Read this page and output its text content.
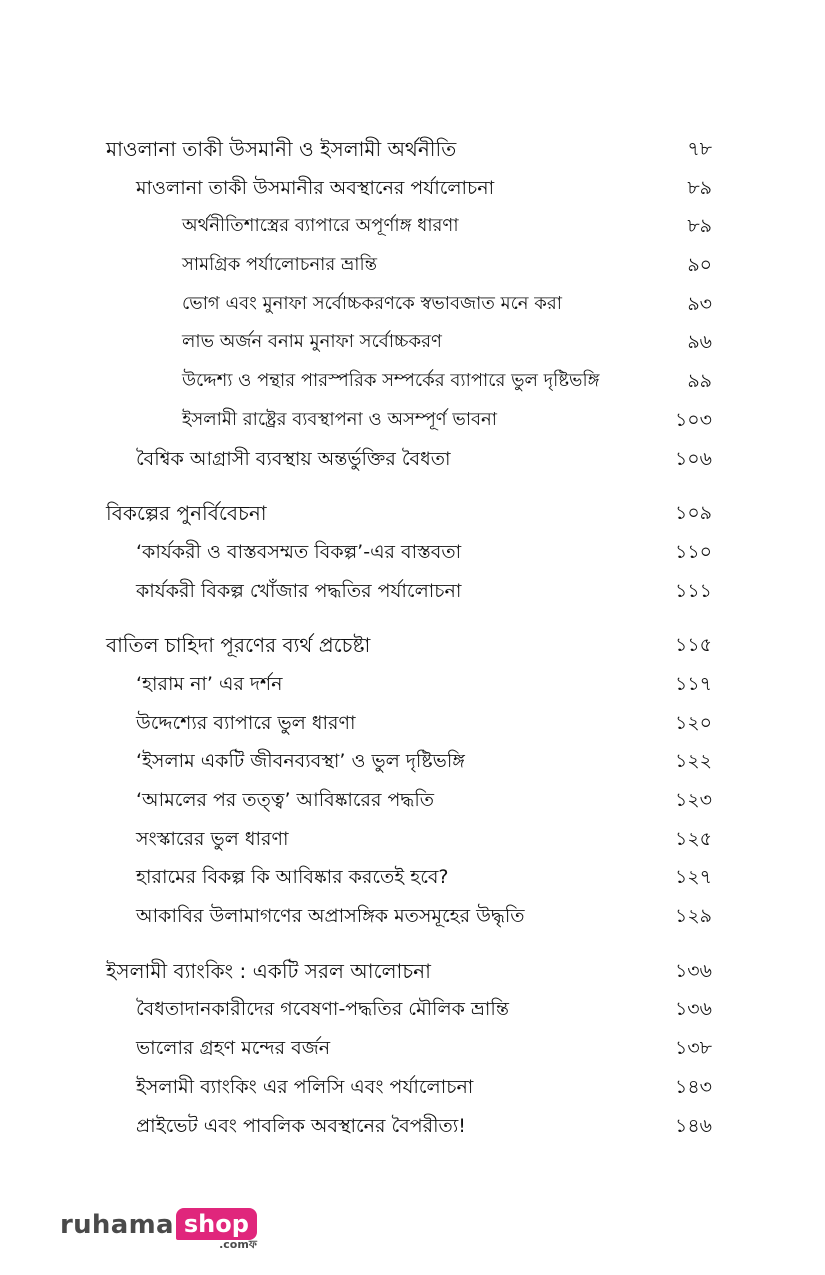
মাওলানা তাকী উসমানী ও ইসলামী অর্থনীতি	৭৮
মাওলানা তাকী উসমানীর অবস্থানের পর্যালোচনা	৮৯
অর্থনীতিশাস্ত্রের ব্যাপারে অপূর্ণাঙ্গ ধারণা	৮৯
সামগ্রিক পর্যালোচনার ভ্রান্তি	৯০
ভোগ এবং মুনাফা সর্বোচ্চকরণকে স্বভাবজাত মনে করা	৯৩
লাভ অর্জন বনাম মুনাফা সর্বোচ্চকরণ	৯৬
উদ্দেশ্য ও পন্থার পারস্পরিক সম্পর্কের ব্যাপারে ভুল দৃষ্টিভঙ্গি	৯৯
ইসলামী রাষ্ট্রের ব্যবস্থাপনা ও অসম্পূর্ণ ভাবনা	১০৩
বৈশ্বিক আগ্রাসী ব্যবস্থায় অন্তর্ভুক্তির বৈধতা	১০৬
বিকল্পের পুনর্বিবেচনা	১০৯
‘কার্যকরী ও বাস্তবসম্মত বিকল্প’-এর বাস্তবতা	১১০
কার্যকরী বিকল্প খোঁজার পদ্ধতির পর্যালোচনা	১১১
বাতিল চাহিদা পূরণের ব্যর্থ প্রচেষ্টা	১১৫
‘হারাম না’ এর দর্শন	১১৭
উদ্দেশ্যের ব্যাপারে ভুল ধারণা	১২০
‘ইসলাম একটি জীবনব্যবস্থা’ ও ভুল দৃষ্টিভঙ্গি	১২২
‘আমলের পর তত্ত্ব’ আবিষ্কারের পদ্ধতি	১২৩
সংস্কারের ভুল ধারণা	১২৫
হারামের বিকল্প কি আবিষ্কার করতেই হবে?	১২৭
আকাবির উলামাগণের অপ্রাসঙ্গিক মতসমূহের উদ্ধৃতি	১২৯
ইসলামী ব্যাংকিং : একটি সরল আলোচনা	১৩৬
বৈধতাদানকারীদের গবেষণা-পদ্ধতির মৌলিক ভ্রান্তি	১৩৬
ভালোর গ্রহণ মন্দের বর্জন	১৩৮
ইসলামী ব্যাংকিং এর পলিসি এবং পর্যালোচনা	১৪৩
প্রাইভেট এবং পাবলিক অবস্থানের বৈপরীত্য!	১৪৬
ruhama shop
.comফ
